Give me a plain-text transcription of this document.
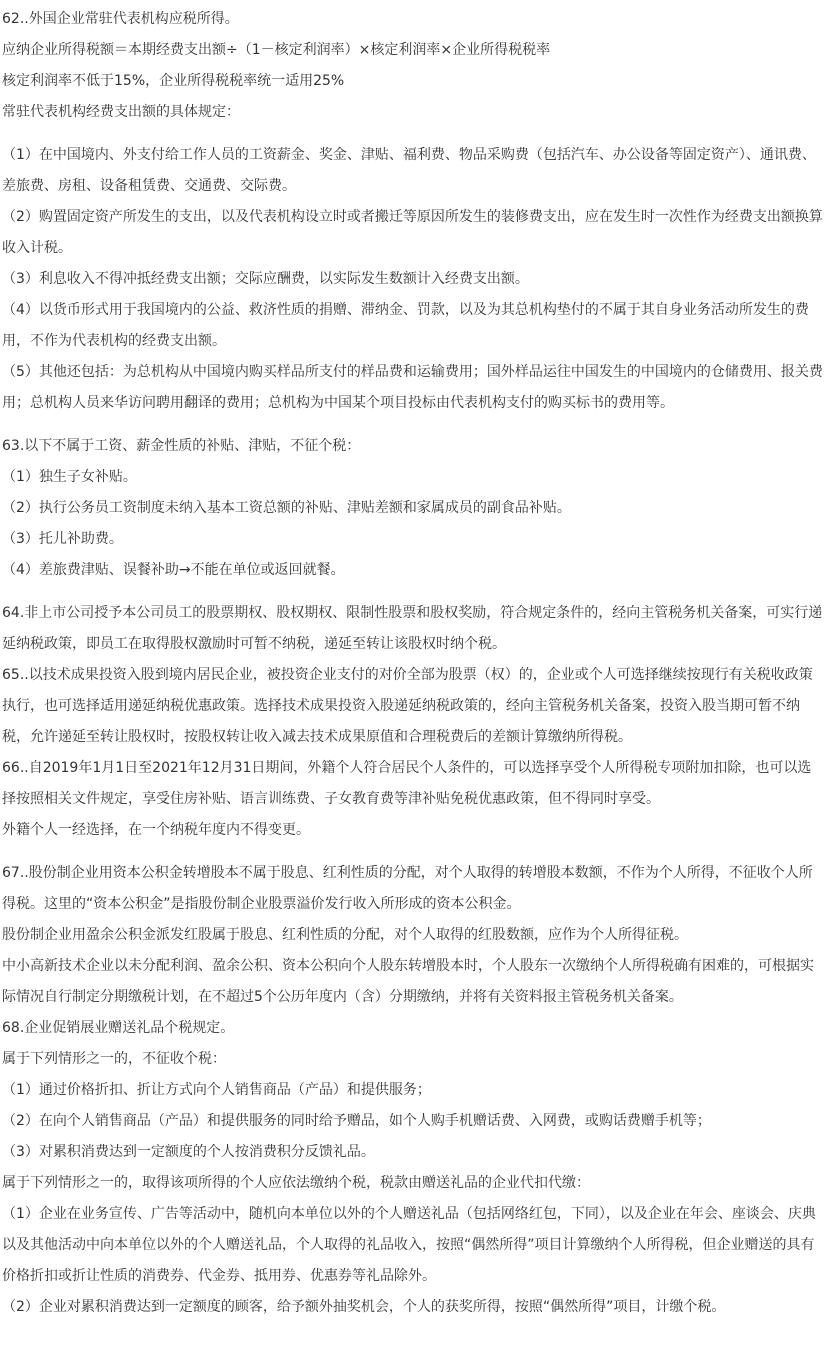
62..外国企业常驻代表机构应税所得。

应纳企业所得税额＝本期经费支出额÷（1－核定利润率）×核定利润率×企业所得税税率

核定利润率不低于15%，企业所得税税率统一适用25%

常驻代表机构经费支出额的具体规定：

（1）在中国境内、外支付给工作人员的工资薪金、奖金、津贴、福利费、物品采购费（包括汽车、办公设备等固定资产）、通讯费、差旅费、房租、设备租赁费、交通费、交际费。

（2）购置固定资产所发生的支出，以及代表机构设立时或者搬迁等原因所发生的装修费支出，应在发生时一次性作为经费支出额换算收入计税。

（3）利息收入不得冲抵经费支出额；交际应酬费，以实际发生数额计入经费支出额。

（4）以货币形式用于我国境内的公益、救济性质的捐赠、滞纳金、罚款，以及为其总机构垫付的不属于其自身业务活动所发生的费用，不作为代表机构的经费支出额。

（5）其他还包括：为总机构从中国境内购买样品所支付的样品费和运输费用；国外样品运往中国发生的中国境内的仓储费用、报关费用；总机构人员来华访问聘用翻译的费用；总机构为中国某个项目投标由代表机构支付的购买标书的费用等。

63.以下不属于工资、薪金性质的补贴、津贴，不征个税：

（1）独生子女补贴。

（2）执行公务员工资制度未纳入基本工资总额的补贴、津贴差额和家属成员的副食品补贴。

（3）托儿补助费。

（4）差旅费津贴、误餐补助→不能在单位或返回就餐。

64.非上市公司授予本公司员工的股票期权、股权期权、限制性股票和股权奖励，符合规定条件的，经向主管税务机关备案，可实行递延纳税政策，即员工在取得股权激励时可暂不纳税，递延至转让该股权时纳个税。

65..以技术成果投资入股到境内居民企业，被投资企业支付的对价全部为股票（权）的，企业或个人可选择继续按现行有关税收政策执行，也可选择适用递延纳税优惠政策。选择技术成果投资入股递延纳税政策的，经向主管税务机关备案，投资入股当期可暂不纳税，允许递延至转让股权时，按股权转让收入减去技术成果原值和合理税费后的差额计算缴纳所得税。

66..自2019年1月1日至2021年12月31日期间，外籍个人符合居民个人条件的，可以选择享受个人所得税专项附加扣除，也可以选择按照相关文件规定，享受住房补贴、语言训练费、子女教育费等津补贴免税优惠政策，但不得同时享受。

外籍个人一经选择，在一个纳税年度内不得变更。

67..股份制企业用资本公积金转增股本不属于股息、红利性质的分配，对个人取得的转增股本数额，不作为个人所得，不征收个人所得税。这里的“资本公积金”是指股份制企业股票溢价发行收入所形成的资本公积金。

股份制企业用盈余公积金派发红股属于股息、红利性质的分配，对个人取得的红股数额，应作为个人所得征税。

中小高新技术企业以未分配利润、盈余公积、资本公积向个人股东转增股本时，个人股东一次缴纳个人所得税确有困难的，可根据实际情况自行制定分期缴税计划，在不超过5个公历年度内（含）分期缴纳，并将有关资料报主管税务机关备案。

68.企业促销展业赠送礼品个税规定。

属于下列情形之一的，不征收个税：

（1）通过价格折扣、折让方式向个人销售商品（产品）和提供服务；

（2）在向个人销售商品（产品）和提供服务的同时给予赠品，如个人购手机赠话费、入网费，或购话费赠手机等；

（3）对累积消费达到一定额度的个人按消费积分反馈礼品。

属于下列情形之一的，取得该项所得的个人应依法缴纳个税，税款由赠送礼品的企业代扣代缴：

（1）企业在业务宣传、广告等活动中，随机向本单位以外的个人赠送礼品（包括网络红包，下同），以及企业在年会、座谈会、庆典以及其他活动中向本单位以外的个人赠送礼品，个人取得的礼品收入，按照“偶然所得”项目计算缴纳个人所得税，但企业赠送的具有价格折扣或折让性质的消费券、代金券、抵用券、优惠券等礼品除外。

（2）企业对累积消费达到一定额度的顾客，给予额外抽奖机会，个人的获奖所得，按照“偶然所得”项目，计缴个税。
